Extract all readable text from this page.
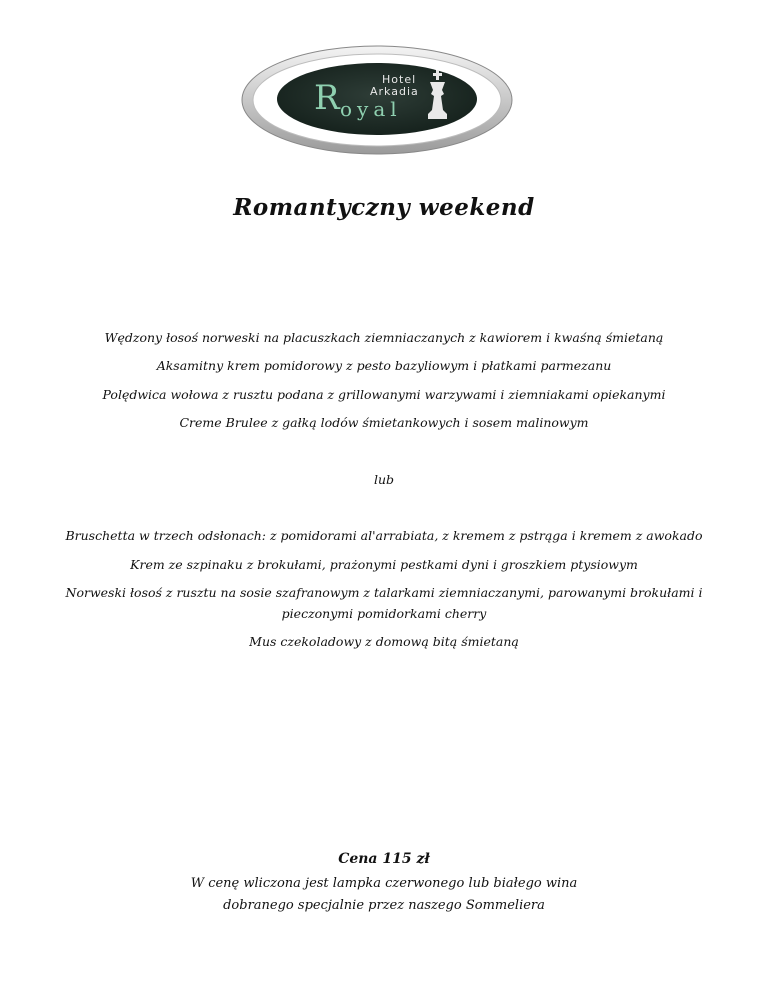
Hotel
Arkadia
R oyal
Romantyczny weekend
Wędzony łosoś norweski na placuszkach ziemniaczanych z kawiorem i kwaśną śmietaną
Aksamitny krem pomidorowy z pesto bazyliowym i płatkami parmezanu
Polędwica wołowa z rusztu podana z grillowanymi warzywami i ziemniakami opiekanymi
Creme Brulee z gałką lodów śmietankowych i sosem malinowym
lub
Bruschetta w trzech odsłonach: z pomidorami al'arrabiata, z kremem z pstrąga i kremem z awokado
Krem ze szpinaku z brokułami, prażonymi pestkami dyni i groszkiem ptysiowym
Norweski łosoś z rusztu na sosie szafranowym z talarkami ziemniaczanymi, parowanymi brokułami i
pieczonymi pomidorkami cherry
Mus czekoladowy z domową bitą śmietaną
Cena 115 zł
W cenę wliczona jest lampka czerwonego lub białego wina
dobranego specjalnie przez naszego Sommeliera
